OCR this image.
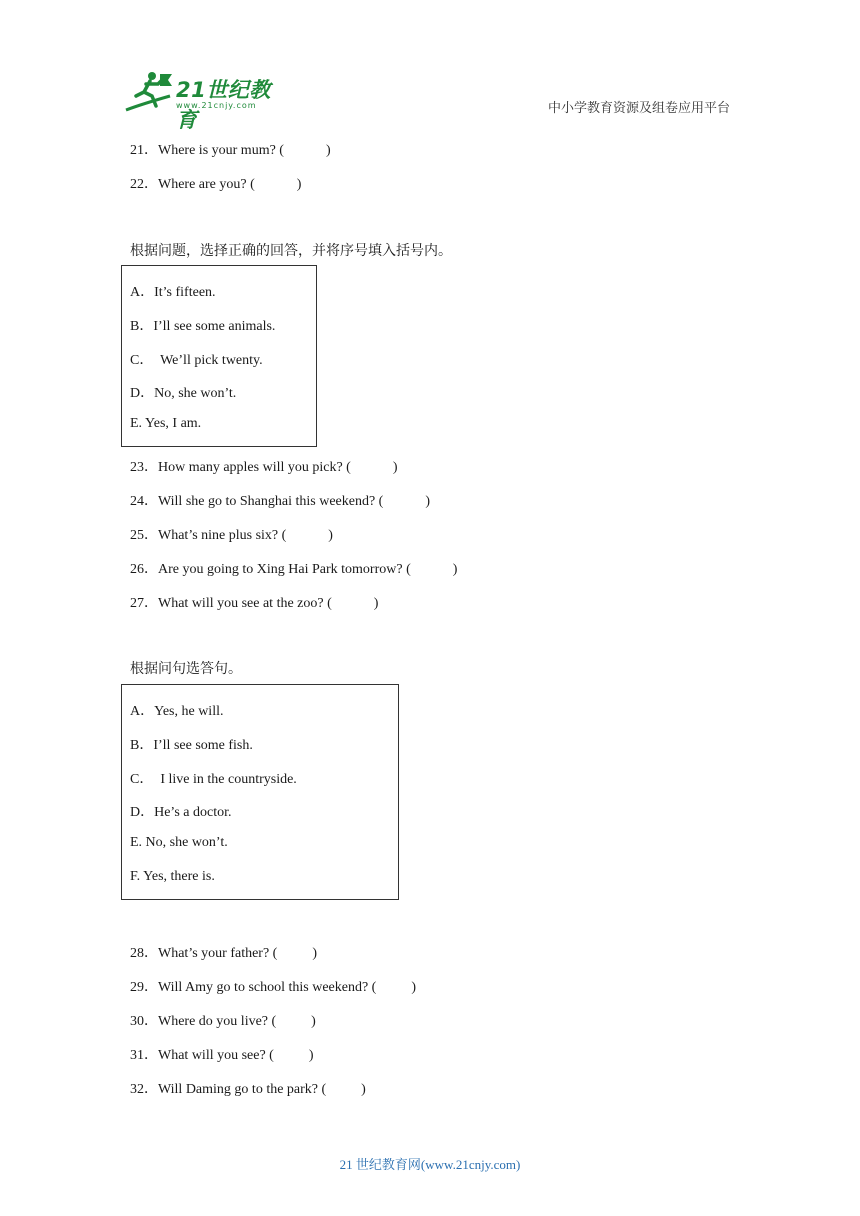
21世纪教育
www.21cnjy.com	中小学教育资源及组卷应用平台
21．Where is your mum? (            )
22．Where are you? (            )
根据问题，选择正确的回答，并将序号填入括号内。
A．It’s fifteen.
B．I’ll see some animals.
C．  We’ll pick twenty.
D．No, she won’t.
E. Yes, I am.
23．How many apples will you pick? (            )
24．Will she go to Shanghai this weekend? (            )
25．What’s nine plus six? (            )
26．Are you going to Xing Hai Park tomorrow? (            )
27．What will you see at the zoo? (            )
根据问句选答句。
A．Yes, he will.
B．I’ll see some fish.
C．  I live in the countryside.
D．He’s a doctor.
E. No, she won’t.
F. Yes, there is.
28．What’s your father? (          )
29．Will Amy go to school this weekend? (          )
30．Where do you live? (          )
31．What will you see? (          )
32．Will Daming go to the park? (          )
21 世纪教育网(www.21cnjy.com)
